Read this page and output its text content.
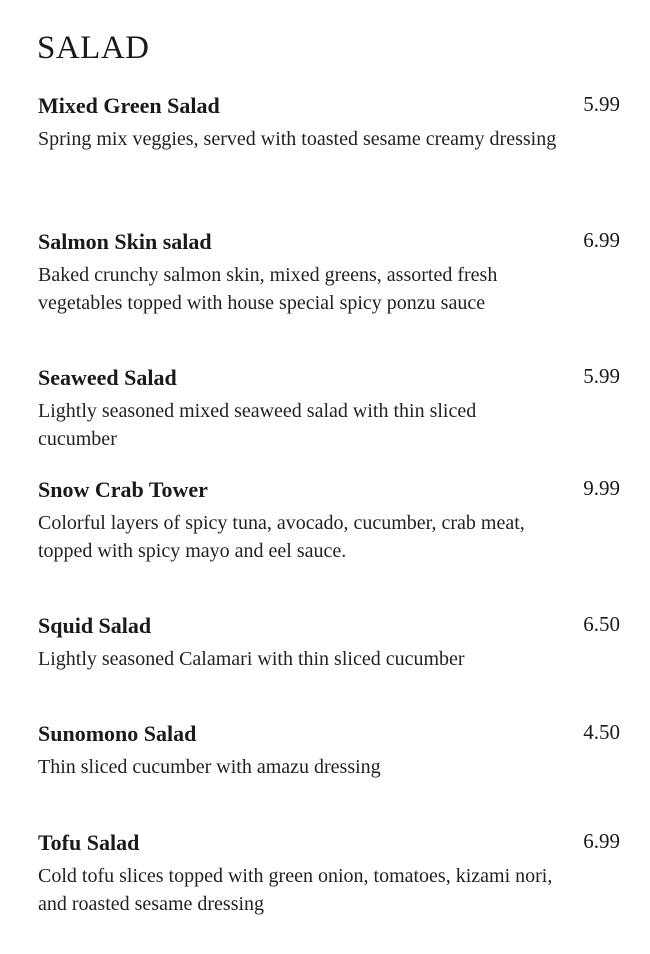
SALAD
Mixed Green Salad	5.99
Spring mix veggies, served with toasted sesame creamy dressing
Salmon Skin salad	6.99
Baked crunchy salmon skin, mixed greens, assorted fresh vegetables topped with house special spicy ponzu sauce
Seaweed Salad	5.99
Lightly seasoned mixed seaweed salad with thin sliced cucumber
Snow Crab Tower	9.99
Colorful layers of spicy tuna, avocado, cucumber, crab meat, topped with spicy mayo and eel sauce.
Squid Salad	6.50
Lightly seasoned Calamari with thin sliced cucumber
Sunomono Salad	4.50
Thin sliced cucumber with amazu dressing
Tofu Salad	6.99
Cold tofu slices topped with green onion, tomatoes, kizami nori, and roasted sesame dressing
